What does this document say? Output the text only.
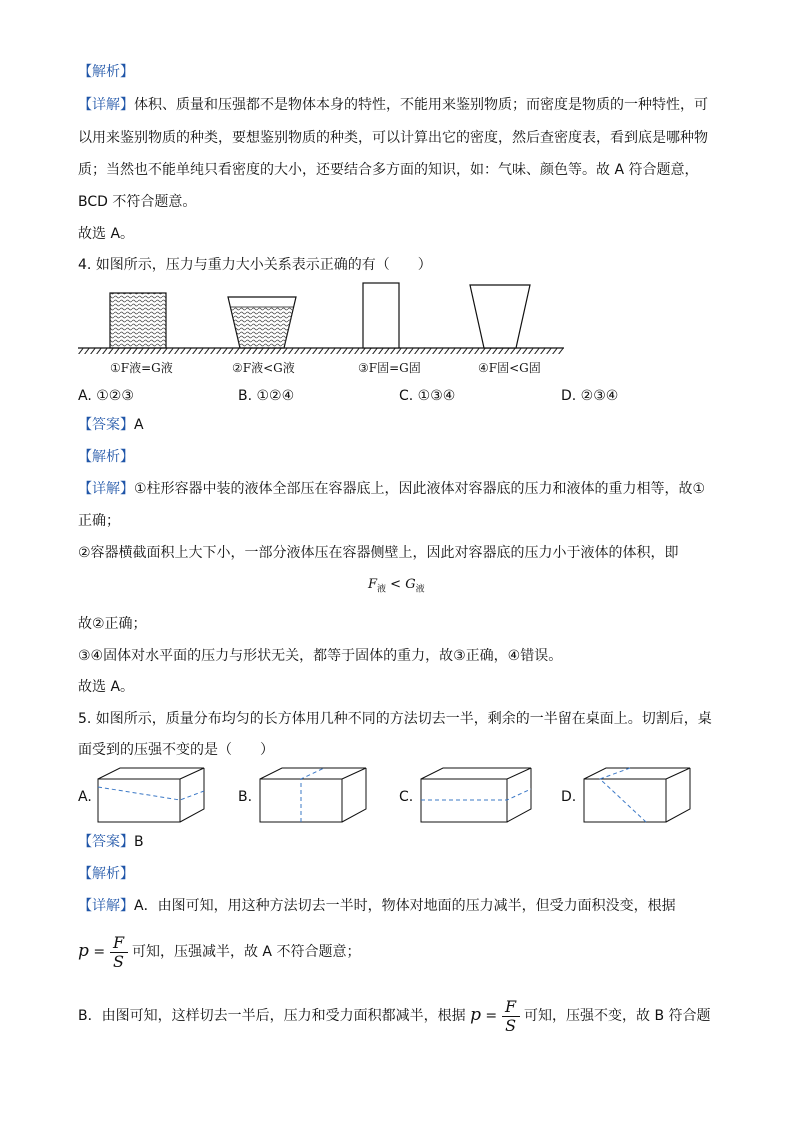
【解析】
【详解】体积、质量和压强都不是物体本身的特性，不能用来鉴别物质；而密度是物质的一种特性，可
以用来鉴别物质的种类，要想鉴别物质的种类，可以计算出它的密度，然后查密度表，看到底是哪种物
质；当然也不能单纯只看密度的大小，还要结合多方面的知识，如：气味、颜色等。故 A 符合题意，
BCD 不符合题意。
故选 A。
4. 如图所示，压力与重力大小关系表示正确的有（　　）
①F液=G液	②F液<G液	③F固=G固	④F固<G固
A. ①②③	B. ①②④	C. ①③④	D. ②③④
【答案】A
【解析】
【详解】①柱形容器中装的液体全部压在容器底上，因此液体对容器底的压力和液体的重力相等，故①
正确；
②容器横截面积上大下小，一部分液体压在容器侧壁上，因此对容器底的压力小于液体的体积，即
$F_液 < G_液$
故②正确；
③④固体对水平面的压力与形状无关，都等于固体的重力，故③正确，④错误。
故选 A。
5. 如图所示，质量分布均匀的长方体用几种不同的方法切去一半，剩余的一半留在桌面上。切割后，桌
面受到的压强不变的是（　　）
A.	B.	C.	D.
【答案】B
【解析】
【详解】A．由图可知，用这种方法切去一半时，物体对地面的压力减半，但受力面积没变，根据
$p = \frac{F}{S}$ 可知，压强减半，故 A 不符合题意；
B．由图可知，这样切去一半后，压力和受力面积都减半，根据 $p = \frac{F}{S}$ 可知，压强不变，故 B 符合题
